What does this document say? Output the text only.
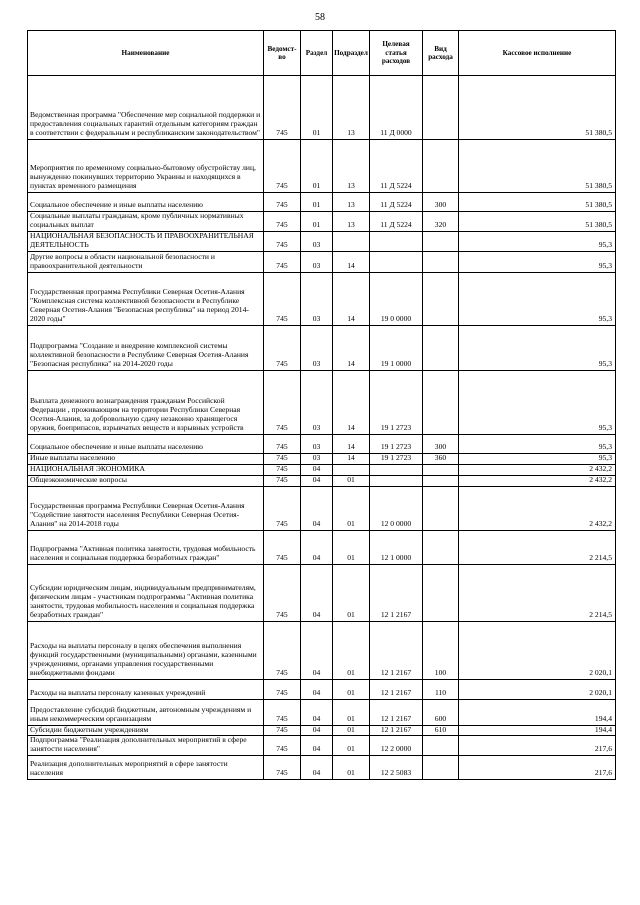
58
Наименование	Ведомст-во	Раздел	Подраздел	Целевая статья расходов	Вид расхода	Кассовое исполнение
Ведомственная программа "Обеспечение мер социальной поддержки и предоставления социальных гарантий отдельным категориям граждан в соответствии с федеральным и республиканским законодательством"	745	01	13	11 Д 0000		51 380,5
Мероприятия по временному социально-бытовому обустройству лиц, вынужденно покинувших территорию Украины и находящихся в пунктах временного размещения	745	01	13	11 Д 5224		51 380,5
Социальное обеспечение и иные выплаты населению	745	01	13	11 Д 5224	300	51 380,5
Социальные выплаты гражданам, кроме публичных нормативных социальных выплат	745	01	13	11 Д 5224	320	51 380,5
НАЦИОНАЛЬНАЯ БЕЗОПАСНОСТЬ И ПРАВООХРАНИТЕЛЬНАЯ ДЕЯТЕЛЬНОСТЬ	745	03				95,3
Другие вопросы в области национальной безопасности и правоохранительной деятельности	745	03	14			95,3
Государственная программа Республики Северная Осетия-Алания "Комплексная система коллективной безопасности в Республике Северная Осетия-Алания "Безопасная республика" на период 2014-2020 годы"	745	03	14	19 0 0000		95,3
Подпрограмма "Создание и внедрение комплексной системы коллективной безопасности в Республике Северная Осетия-Алания "Безопасная республика" на 2014-2020 годы	745	03	14	19 1 0000		95,3
Выплата денежного вознаграждения гражданам Российской Федерации , проживающим на территории Республики Северная Осетия-Алания, за добровольную сдачу незаконно хранящегося оружия, боеприпасов, взрывчатых веществ и взрывных устройств	745	03	14	19 1 2723		95,3
Социальное обеспечение и иные выплаты населению	745	03	14	19 1 2723	300	95,3
Иные выплаты населению	745	03	14	19 1 2723	360	95,3
НАЦИОНАЛЬНАЯ ЭКОНОМИКА	745	04				2 432,2
Общеэкономические вопросы	745	04	01			2 432,2
Государственная программа Республики Северная Осетия-Алания "Содействие занятости населения Республики Северная Осетия-Алания" на 2014-2018 годы	745	04	01	12 0 0000		2 432,2
Подпрограмма "Активная политика занятости, трудовая мобильность населения и социальная поддержка безработных граждан"	745	04	01	12 1 0000		2 214,5
Субсидии юридическим лицам, индивидуальным предпринимателям, физическим лицам - участникам подпрограммы "Активная политика занятости, трудовая мобильность населения и социальная поддержка безработных граждан"	745	04	01	12 1 2167		2 214,5
Расходы на выплаты персоналу в целях обеспечения выполнения функций государственными (муниципальными) органами, казенными учреждениями, органами управления государственными внебюджетными фондами	745	04	01	12 1 2167	100	2 020,1
Расходы на выплаты персоналу казенных учреждений	745	04	01	12 1 2167	110	2 020,1
Предоставление субсидий бюджетным, автономным учреждениям и иным некоммерческим организациям	745	04	01	12 1 2167	600	194,4
Субсидии бюджетным учреждениям	745	04	01	12 1 2167	610	194,4
Подпрограмма "Реализация дополнительных мероприятий в сфере занятости населения"	745	04	01	12 2 0000		217,6
Реализация дополнительных мероприятий в сфере занятости населения	745	04	01	12 2 5083		217,6
